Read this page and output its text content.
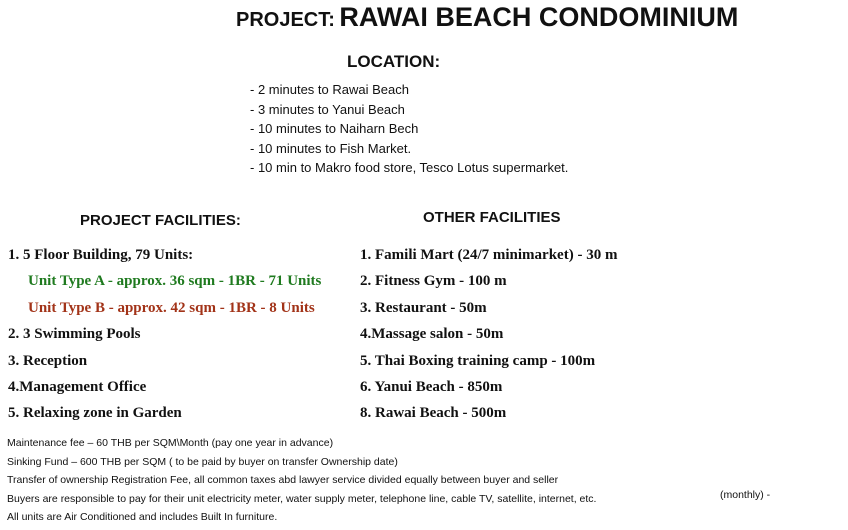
PROJECT: RAWAI BEACH CONDOMINIUM
LOCATION:
- 2 minutes to Rawai Beach
- 3 minutes to Yanui Beach
- 10 minutes to Naiharn Bech
- 10 minutes to Fish Market.
- 10 min to Makro food store, Tesco Lotus supermarket.
PROJECT FACILITIES:	OTHER FACILITIES
1. 5 Floor Building, 79 Units:
Unit Type A - approx. 36 sqm - 1BR - 71 Units
Unit Type B - approx. 42 sqm - 1BR - 8 Units
2. 3 Swimming Pools
3. Reception
4.Management Office
5. Relaxing zone in Garden
1. Famili Mart (24/7 minimarket) - 30 m
2. Fitness Gym - 100 m
3. Restaurant - 50m
4.Massage salon - 50m
5. Thai Boxing training camp - 100m
6. Yanui Beach - 850m
8. Rawai Beach - 500m
Maintenance fee – 60 THB per SQM\Month (pay one year in advance)
Sinking Fund – 600 THB per SQM ( to be paid by buyer on transfer Ownership date)
Transfer of ownership Registration Fee, all common taxes abd lawyer service divided equally between buyer and seller
Buyers are responsible to pay for their unit electricity meter, water supply meter, telephone line, cable TV, satellite, internet, etc.
All units are Air Conditioned and includes Built In furniture.
(monthly) -
